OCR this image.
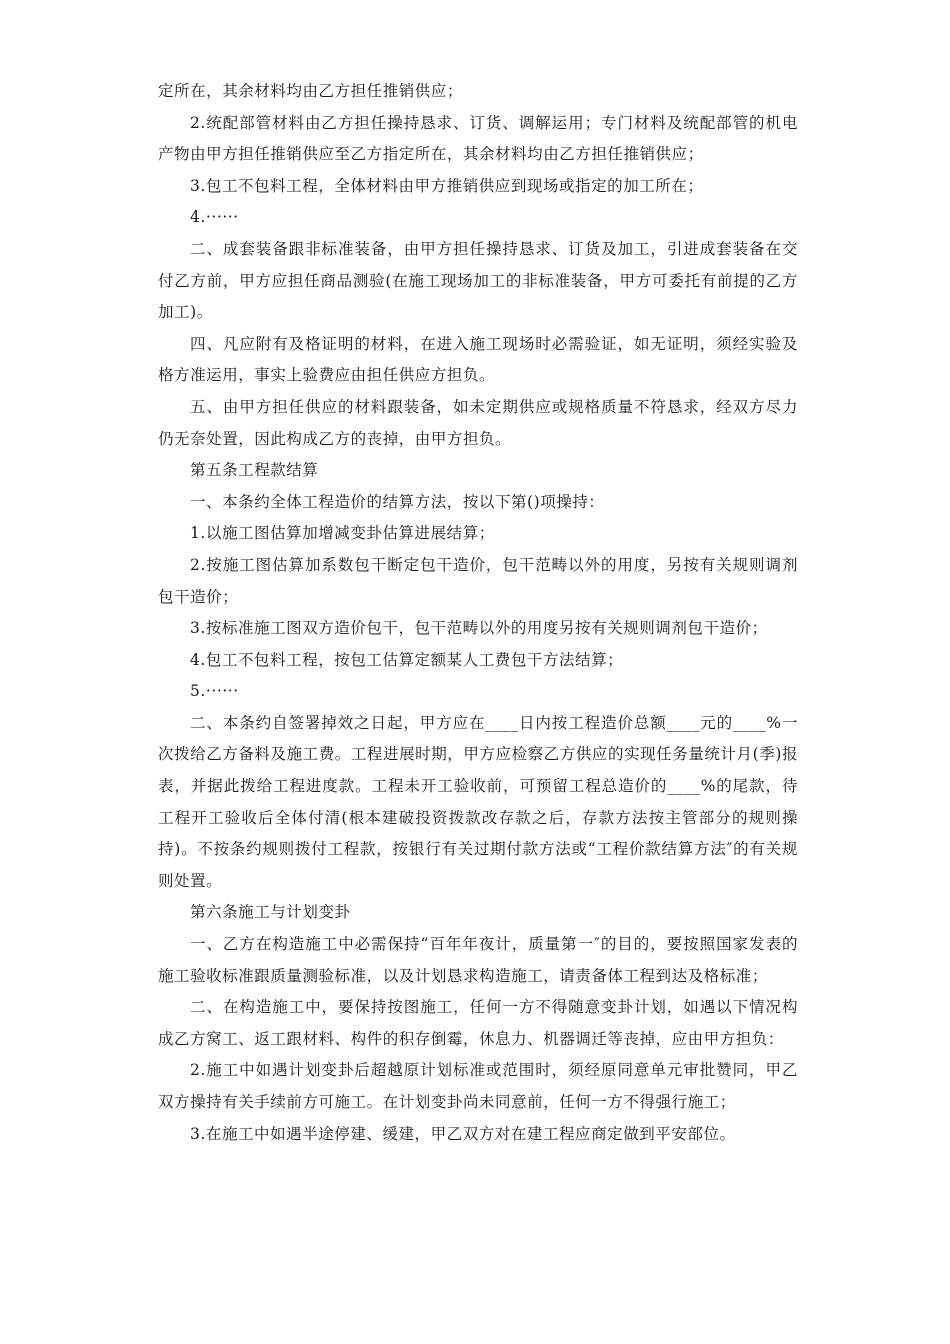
定所在，其余材料均由乙方担任推销供应；

2.统配部管材料由乙方担任操持恳求、订货、调解运用；专门材料及统配部管的机电产物由甲方担任推销供应至乙方指定所在，其余材料均由乙方担任推销供应；

3.包工不包料工程，全体材料由甲方推销供应到现场或指定的加工所在；

4.······

二、成套装备跟非标准装备，由甲方担任操持恳求、订货及加工，引进成套装备在交付乙方前，甲方应担任商品测验(在施工现场加工的非标准装备，甲方可委托有前提的乙方加工)。

四、凡应附有及格证明的材料，在进入施工现场时必需验证，如无证明，须经实验及格方准运用，事实上验费应由担任供应方担负。

五、由甲方担任供应的材料跟装备，如未定期供应或规格质量不符恳求，经双方尽力仍无奈处置，因此构成乙方的丧掉，由甲方担负。

第五条工程款结算

一、本条约全体工程造价的结算方法，按以下第()项操持：

1.以施工图估算加增减变卦估算进展结算；

2.按施工图估算加系数包干断定包干造价，包干范畴以外的用度，另按有关规则调剂包干造价；

3.按标准施工图双方造价包干，包干范畴以外的用度另按有关规则调剂包干造价；

4.包工不包料工程，按包工估算定额某人工费包干方法结算；

5.······

二、本条约自签署掉效之日起，甲方应在____日内按工程造价总额____元的____%一次拨给乙方备料及施工费。工程进展时期，甲方应检察乙方供应的实现任务量统计月(季)报表，并据此拨给工程进度款。工程未开工验收前，可预留工程总造价的____%的尾款，待工程开工验收后全体付清(根本建破投资拨款改存款之后，存款方法按主管部分的规则操持)。不按条约规则拨付工程款，按银行有关过期付款方法或“工程价款结算方法″的有关规则处置。

第六条施工与计划变卦

一、乙方在构造施工中必需保持“百年年夜计，质量第一″的目的，要按照国家发表的施工验收标准跟质量测验标准，以及计划恳求构造施工，请责备体工程到达及格标准；

二、在构造施工中，要保持按图施工，任何一方不得随意变卦计划，如遇以下情况构成乙方窝工、返工跟材料、构件的积存倒霉，休息力、机器调迁等丧掉，应由甲方担负：

2.施工中如遇计划变卦后超越原计划标准或范围时，须经原同意单元审批赞同，甲乙双方操持有关手续前方可施工。在计划变卦尚未同意前，任何一方不得强行施工；

3.在施工中如遇半途停建、缓建，甲乙双方对在建工程应商定做到平安部位。
